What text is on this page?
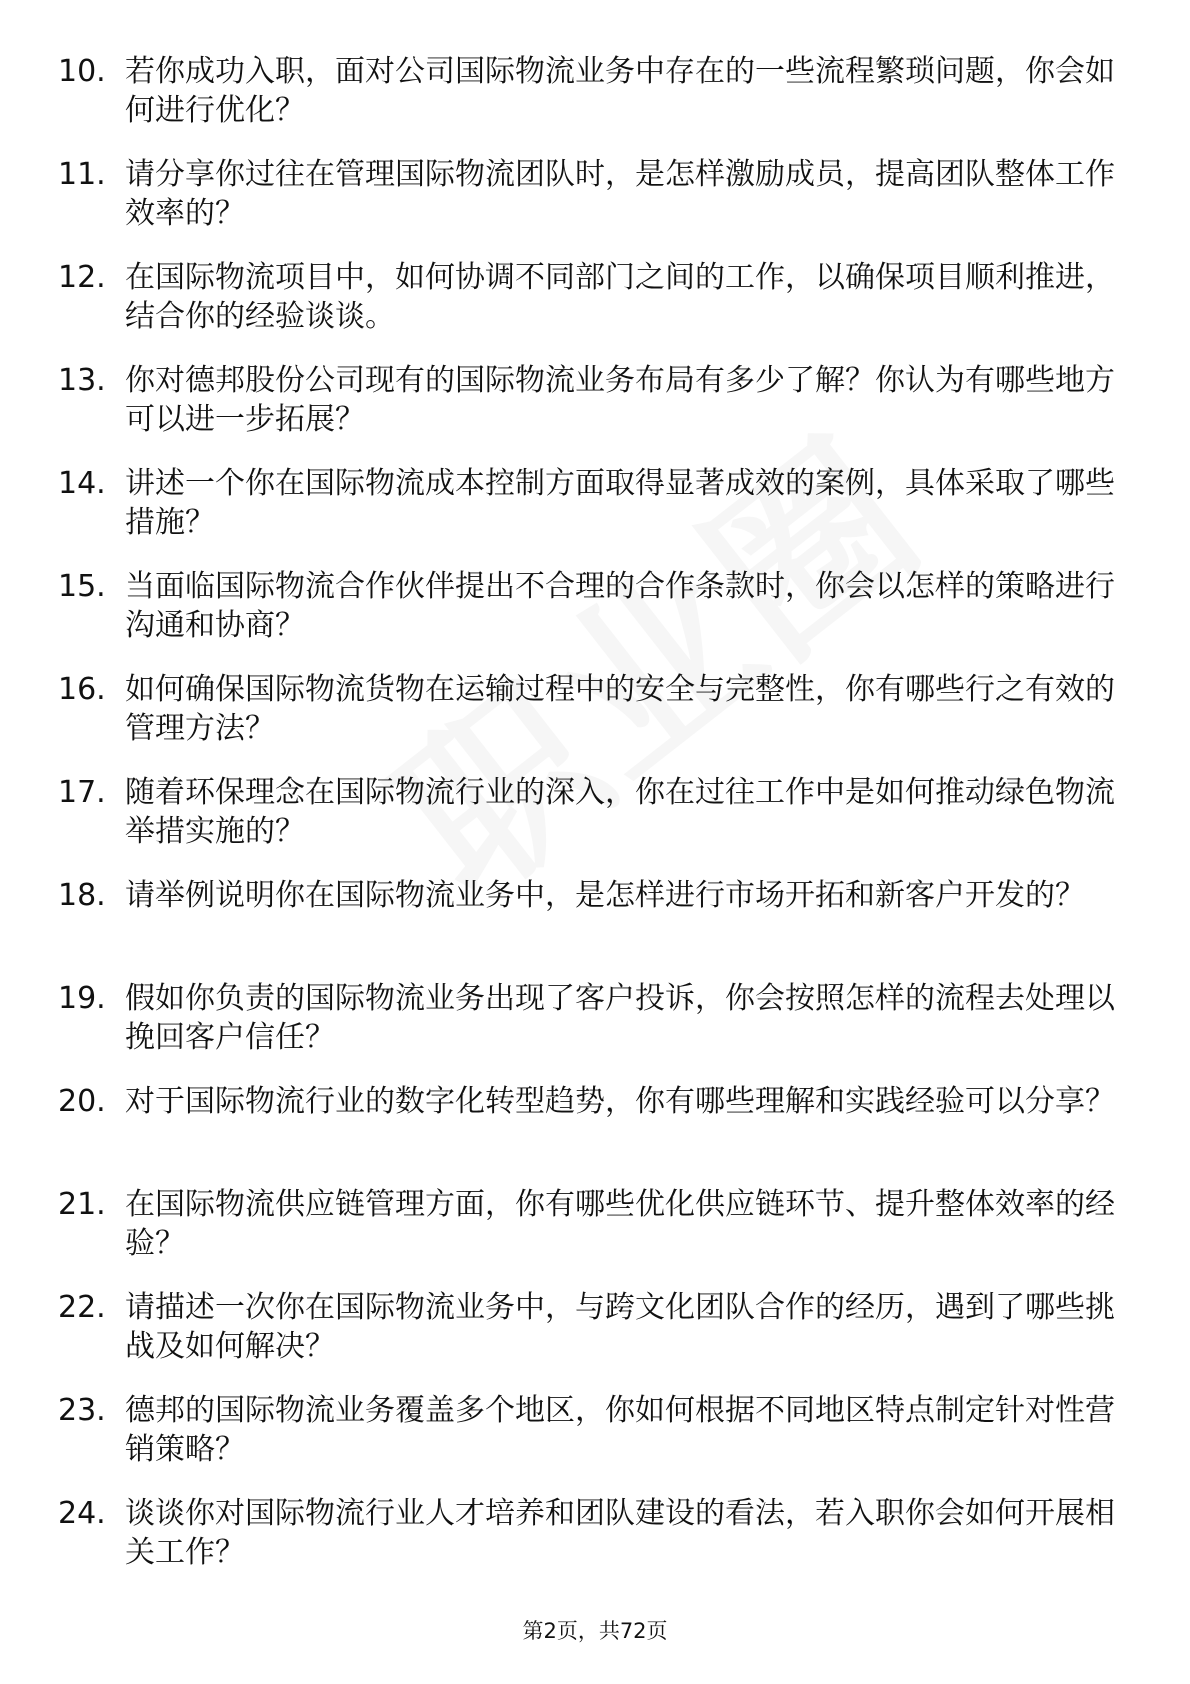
10. 若你成功入职，面对公司国际物流业务中存在的一些流程繁琐问题，你会如何进行优化？
11. 请分享你过往在管理国际物流团队时，是怎样激励成员，提高团队整体工作效率的？
12. 在国际物流项目中，如何协调不同部门之间的工作，以确保项目顺利推进，结合你的经验谈谈。
13. 你对德邦股份公司现有的国际物流业务布局有多少了解？你认为有哪些地方可以进一步拓展？
14. 讲述一个你在国际物流成本控制方面取得显著成效的案例，具体采取了哪些措施？
15. 当面临国际物流合作伙伴提出不合理的合作条款时，你会以怎样的策略进行沟通和协商？
16. 如何确保国际物流货物在运输过程中的安全与完整性，你有哪些行之有效的管理方法？
17. 随着环保理念在国际物流行业的深入，你在过往工作中是如何推动绿色物流举措实施的？
18. 请举例说明你在国际物流业务中，是怎样进行市场开拓和新客户开发的？
19. 假如你负责的国际物流业务出现了客户投诉，你会按照怎样的流程去处理以挽回客户信任？
20. 对于国际物流行业的数字化转型趋势，你有哪些理解和实践经验可以分享？
21. 在国际物流供应链管理方面，你有哪些优化供应链环节、提升整体效率的经验？
22. 请描述一次你在国际物流业务中，与跨文化团队合作的经历，遇到了哪些挑战及如何解决？
23. 德邦的国际物流业务覆盖多个地区，你如何根据不同地区特点制定针对性营销策略？
24. 谈谈你对国际物流行业人才培养和团队建设的看法，若入职你会如何开展相关工作？
第2页，共72页
